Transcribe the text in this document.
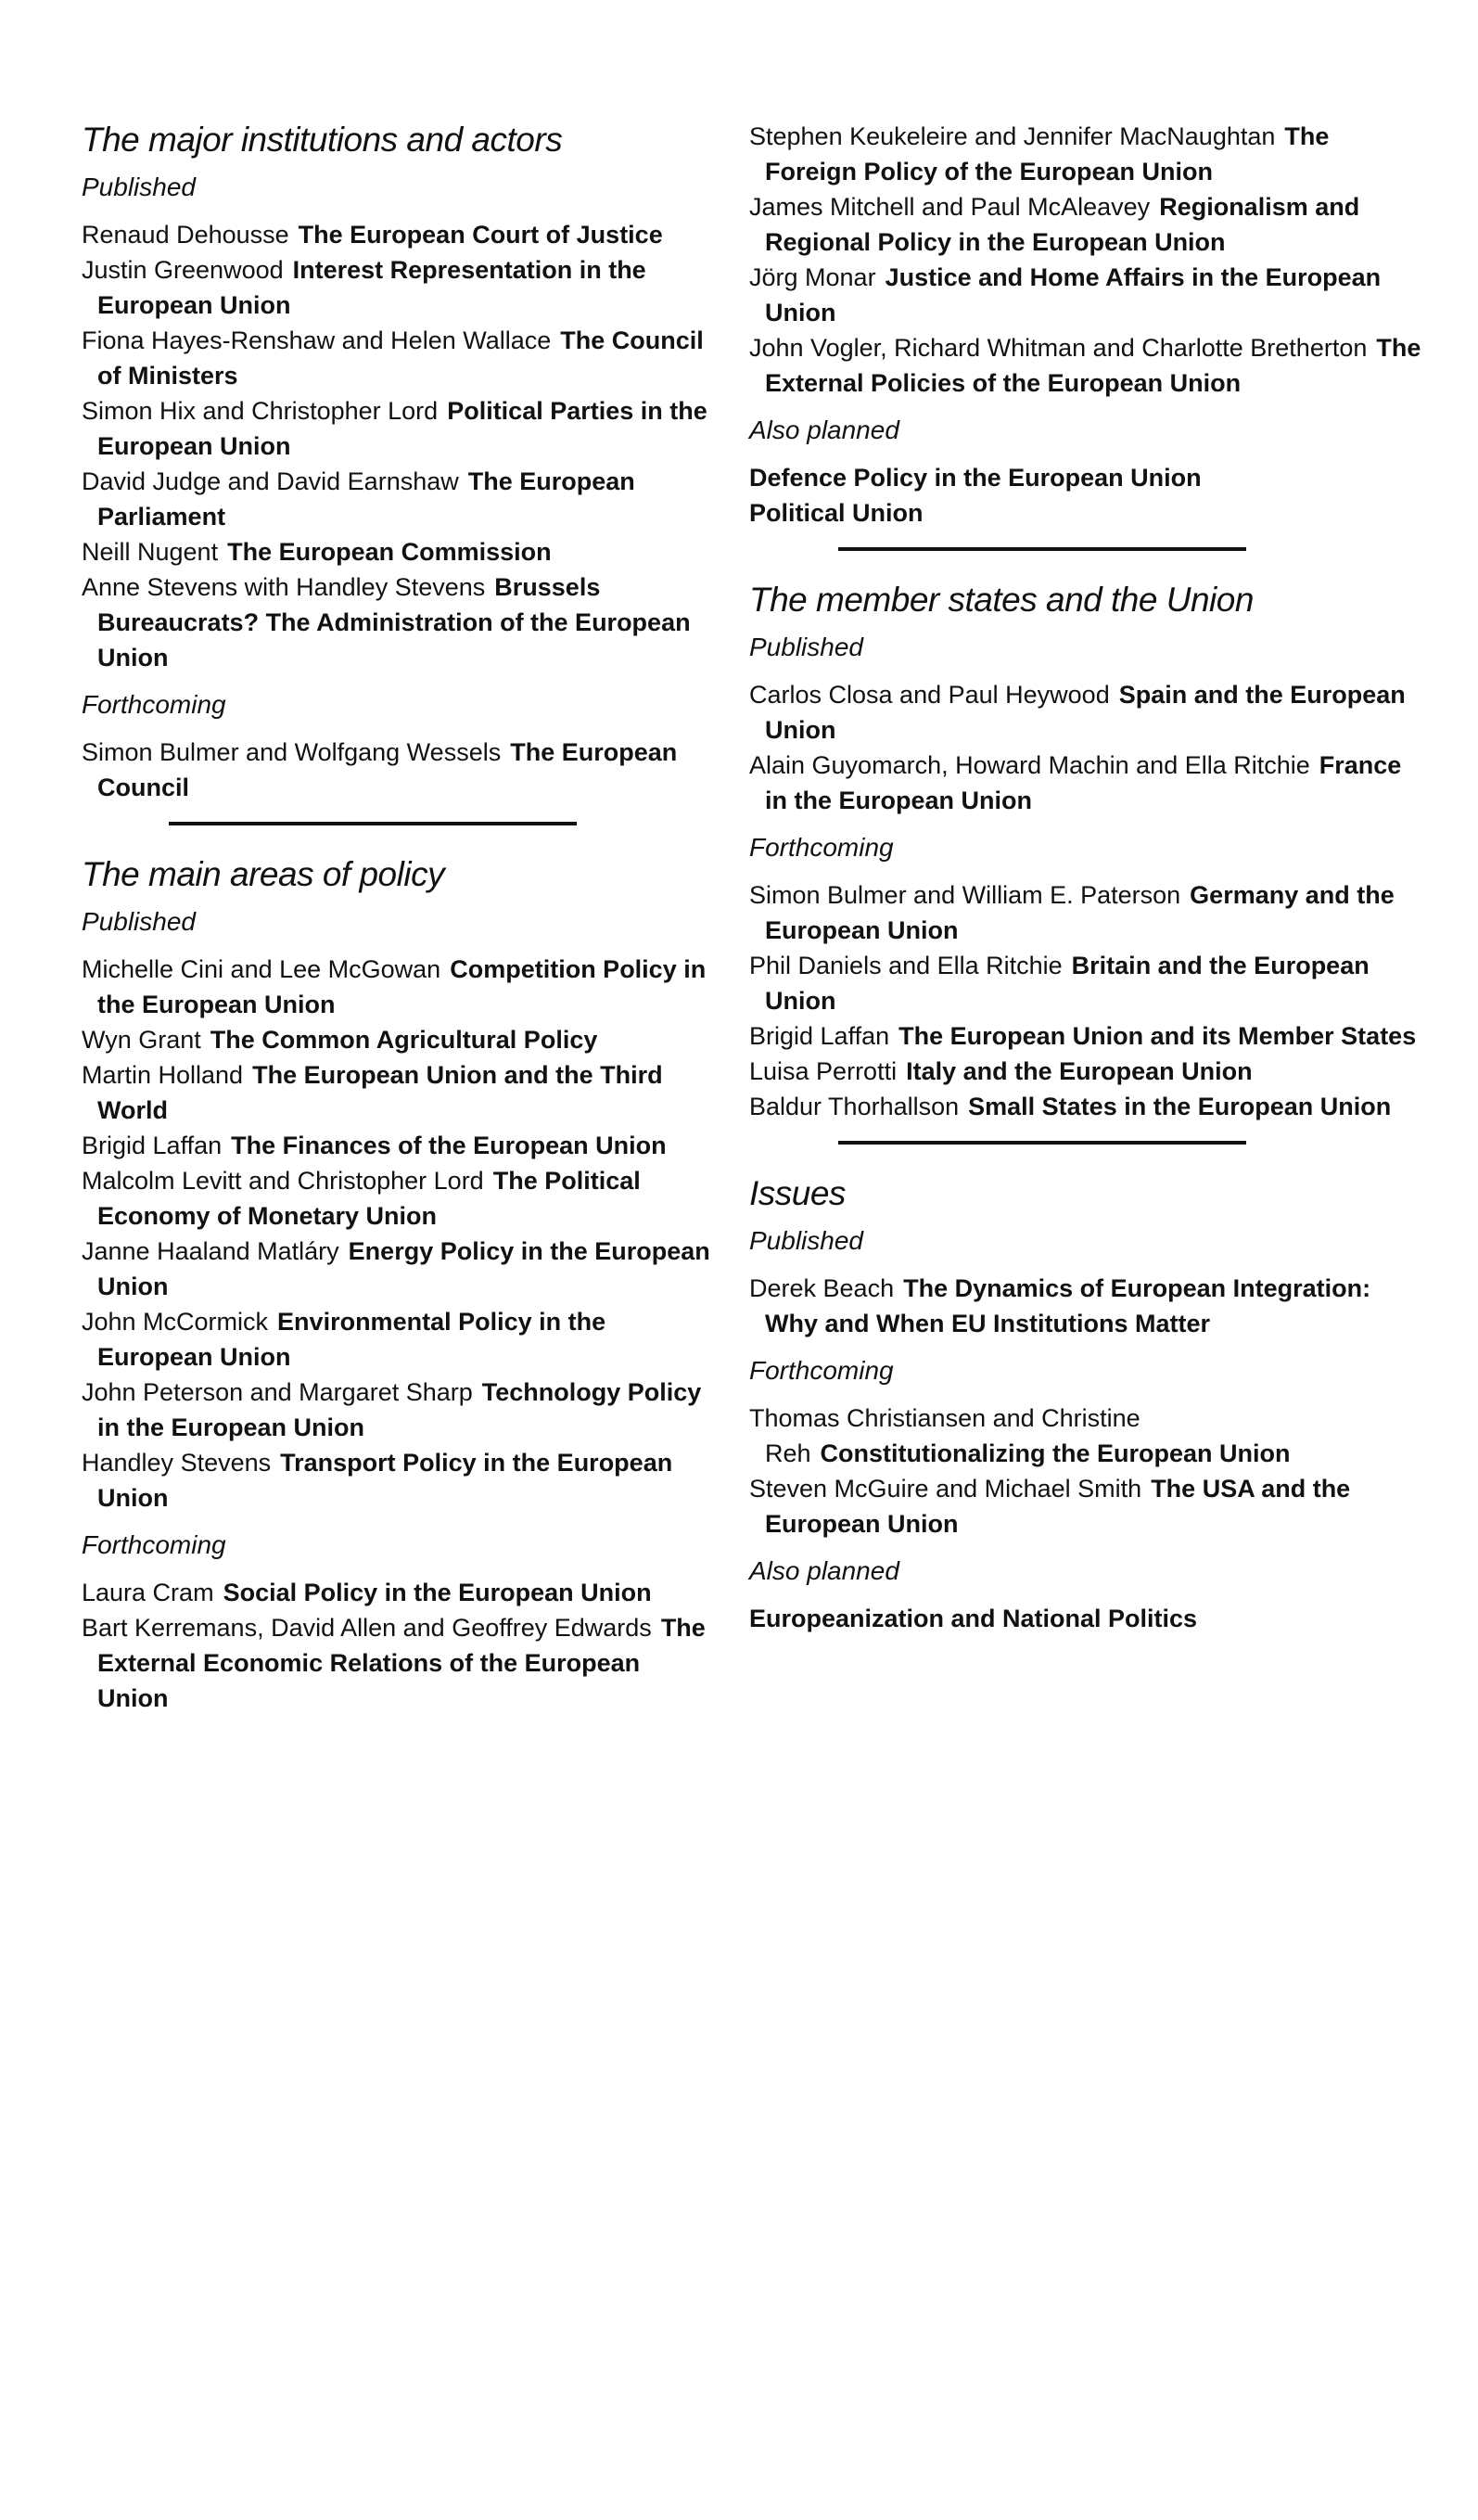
The major institutions and actors
Published

Renaud Dehousse The European Court of Justice

Justin Greenwood Interest Representation in the European Union

Fiona Hayes-Renshaw and Helen Wallace The Council of Ministers

Simon Hix and Christopher Lord Political Parties in the European Union

David Judge and David Earnshaw The European Parliament

Neill Nugent The European Commission

Anne Stevens with Handley Stevens Brussels Bureaucrats? The Administration of the European Union

Forthcoming

Simon Bulmer and Wolfgang Wessels The European Council

The main areas of policy
Published

Michelle Cini and Lee McGowan Competition Policy in the European Union

Wyn Grant The Common Agricultural Policy

Martin Holland The European Union and the Third World

Brigid Laffan The Finances of the European Union

Malcolm Levitt and Christopher Lord The Political Economy of Monetary Union

Janne Haaland Matláry Energy Policy in the European Union

John McCormick Environmental Policy in the European Union

John Peterson and Margaret Sharp Technology Policy in the European Union

Handley Stevens Transport Policy in the European Union

Forthcoming

Laura Cram Social Policy in the European Union

Bart Kerremans, David Allen and Geoffrey Edwards The External Economic Relations of the European Union

Stephen Keukeleire and Jennifer MacNaughtan The Foreign Policy of the European Union

James Mitchell and Paul McAleavey Regionalism and Regional Policy in the European Union

Jörg Monar Justice and Home Affairs in the European Union

John Vogler, Richard Whitman and Charlotte Bretherton The External Policies of the European Union

Also planned

Defence Policy in the European Union

Political Union

The member states and the Union
Published

Carlos Closa and Paul Heywood Spain and the European Union

Alain Guyomarch, Howard Machin and Ella Ritchie France in the European Union

Forthcoming

Simon Bulmer and William E. Paterson Germany and the European Union

Phil Daniels and Ella Ritchie Britain and the European Union

Brigid Laffan The European Union and its Member States

Luisa Perrotti Italy and the European Union

Baldur Thorhallson Small States in the European Union

Issues
Published

Derek Beach The Dynamics of European Integration: Why and When EU Institutions Matter

Forthcoming

Thomas Christiansen and Christine Reh Constitutionalizing the European Union

Steven McGuire and Michael Smith The USA and the European Union

Also planned

Europeanization and National Politics
